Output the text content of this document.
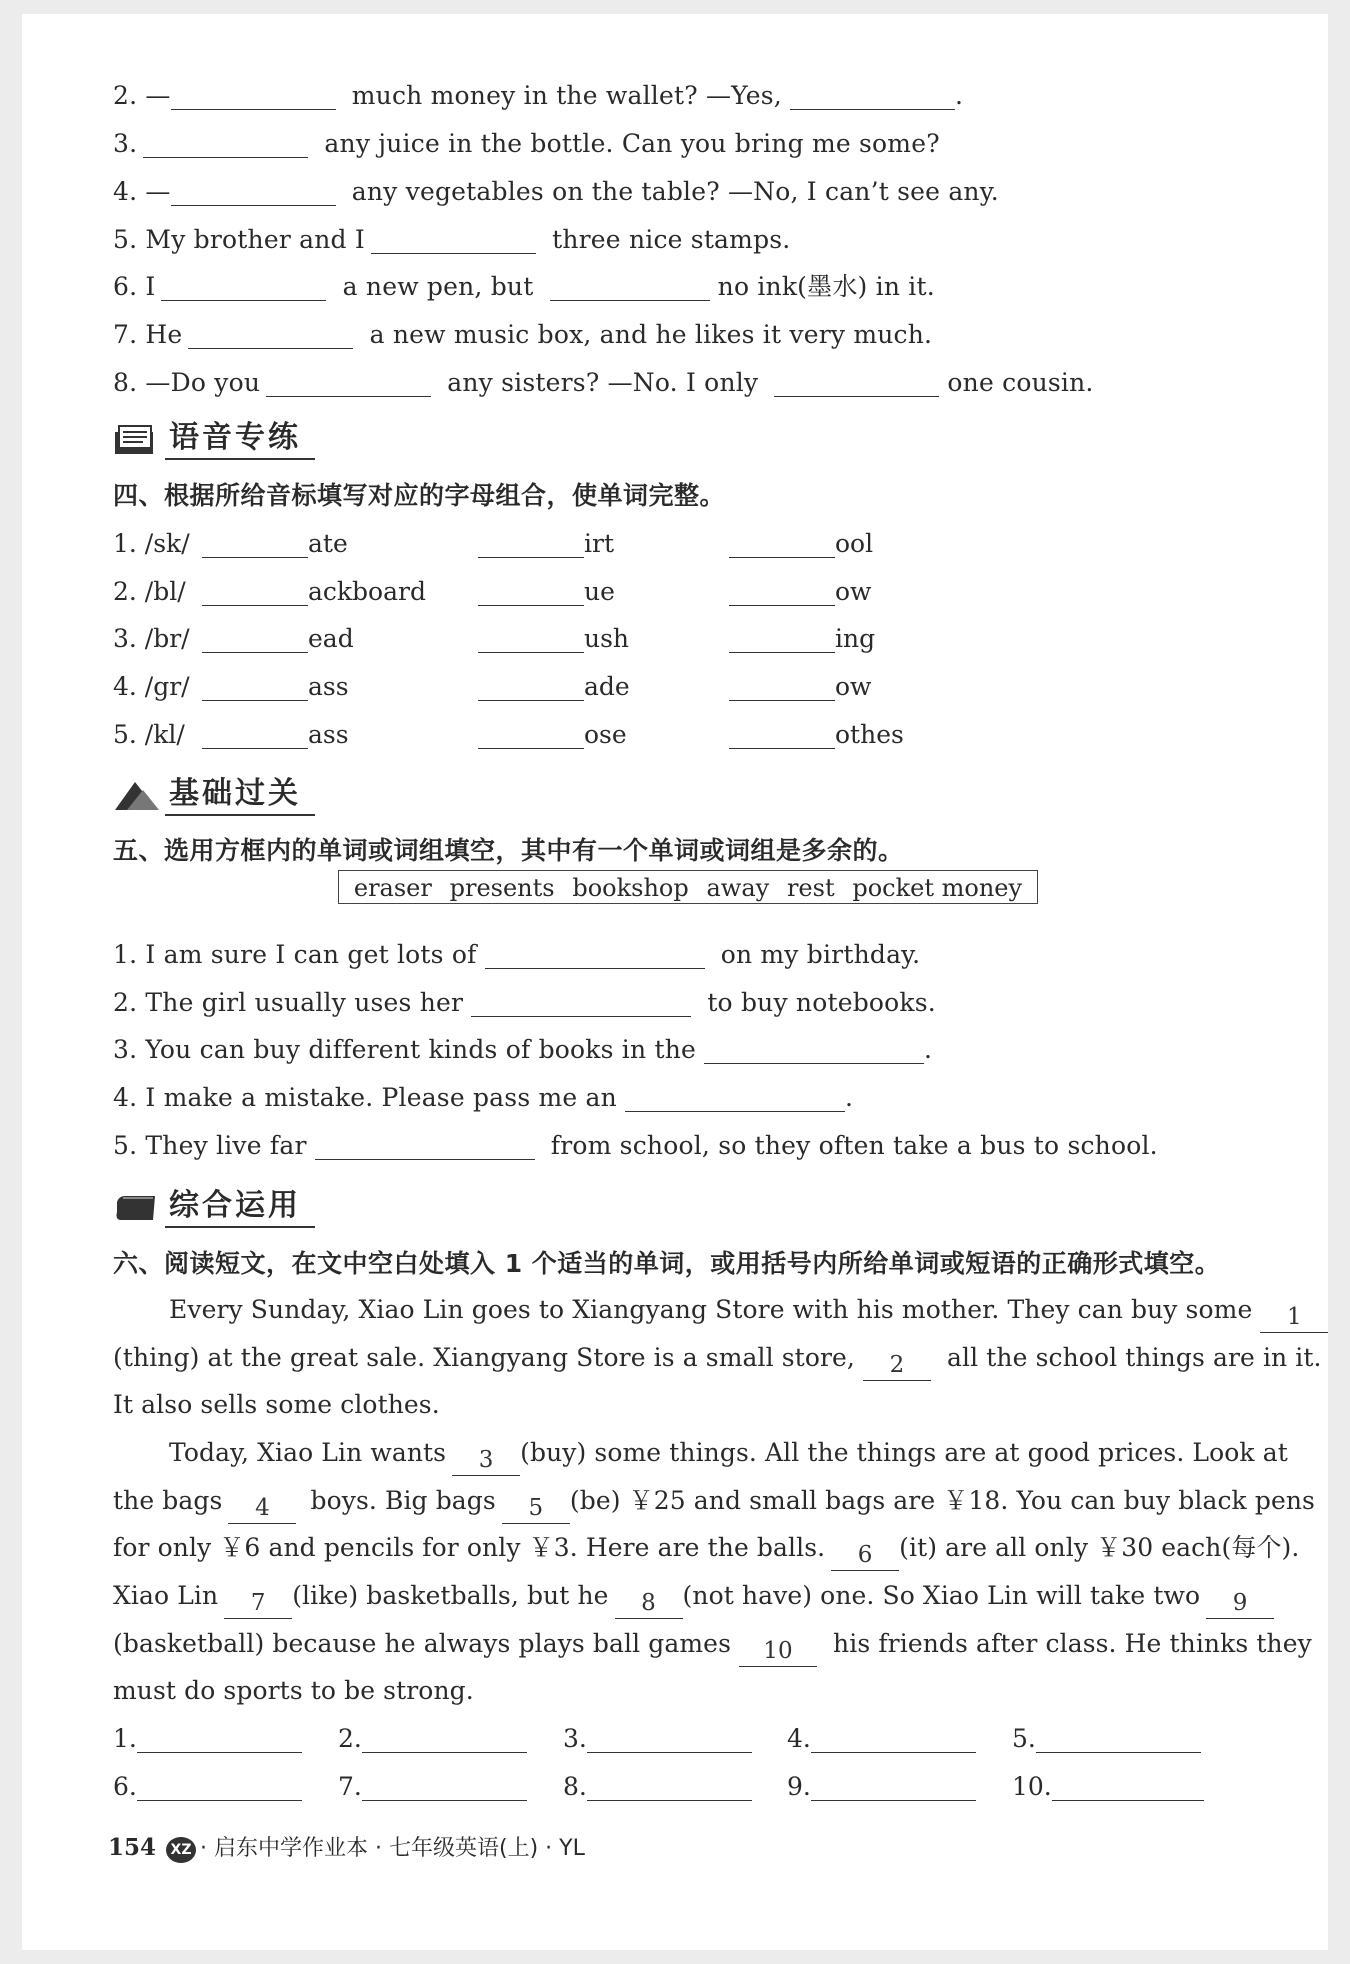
2. —	much money in the wallet? —Yes,	.
3.	any juice in the bottle. Can you bring me some?
4. —	any vegetables on the table? —No, I can’t see any.
5. My brother and I	three nice stamps.
6. I	a new pen, but	no ink(墨水) in it.
7. He	a new music box, and he likes it very much.
8. —Do you	any sisters? —No. I only	one cousin.
语音专练
四、根据所给音标填写对应的字母组合，使单词完整。
1. /sk/	ate	irt	ool
2. /bl/	ackboard	ue	ow
3. /br/	ead	ush	ing
4. /gr/	ass	ade	ow
5. /kl/	ass	ose	othes
基础过关
五、选用方框内的单词或词组填空，其中有一个单词或词组是多余的。
eraser presents bookshop away rest pocket money
1. I am sure I can get lots of	on my birthday.
2. The girl usually uses her	to buy notebooks.
3. You can buy different kinds of books in the	.
4. I make a mistake. Please pass me an	.
5. They live far	from school, so they often take a bus to school.
综合运用
六、阅读短文，在文中空白处填入 1 个适当的单词，或用括号内所给单词或短语的正确形式填空。
Every Sunday, Xiao Lin goes to Xiangyang Store with his mother. They can buy some 1
(thing) at the great sale. Xiangyang Store is a small store, 2 all the school things are in it.
It also sells some clothes.
Today, Xiao Lin wants 3 (buy) some things. All the things are at good prices. Look at
the bags 4 boys. Big bags 5 (be) ￥25 and small bags are ￥18. You can buy black pens
for only ￥6 and pencils for only ￥3. Here are the balls. 6 (it) are all only ￥30 each(每个).
Xiao Lin 7 (like) basketballs, but he 8 (not have) one. So Xiao Lin will take two 9
(basketball) because he always plays ball games 10 his friends after class. He thinks they
must do sports to be strong.
1.	2.	3.	4.	5.
6.	7.	8.	9.	10.
154 XZ · 启东中学作业本 · 七年级英语(上) · YL
